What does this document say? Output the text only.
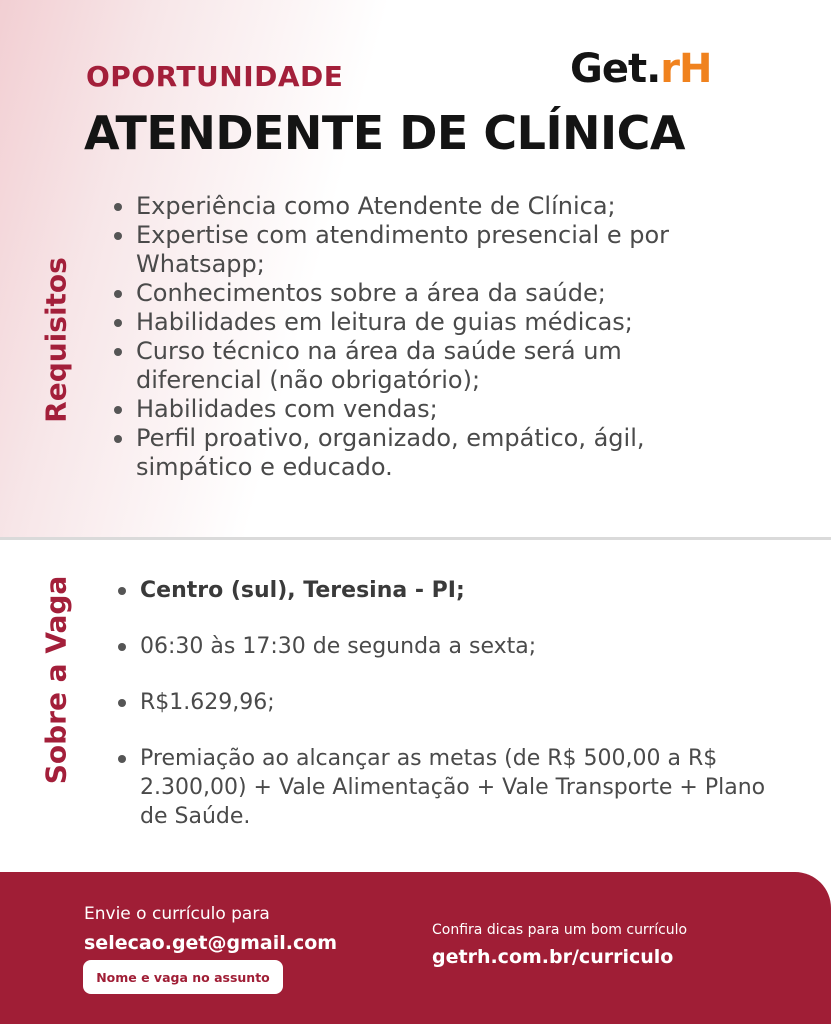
OPORTUNIDADE	Get.rH
ATENDENTE DE CLÍNICA
Requisitos
Experiência como Atendente de Clínica;
Expertise com atendimento presencial e por Whatsapp;
Conhecimentos sobre a área da saúde;
Habilidades em leitura de guias médicas;
Curso técnico na área da saúde será um diferencial (não obrigatório);
Habilidades com vendas;
Perfil proativo, organizado, empático, ágil, simpático e educado.
Sobre a Vaga	Centro (sul), Teresina - PI;
06:30 às 17:30 de segunda a sexta;
R$1.629,96;
Premiação ao alcançar as metas (de R$ 500,00 a R$ 2.300,00) + Vale Alimentação + Vale Transporte + Plano de Saúde.

Envie o currículo para

selecao.get@gmail.com

Nome e vaga no assunto

Confira dicas para um bom currículo

getrh.com.br/curriculo
